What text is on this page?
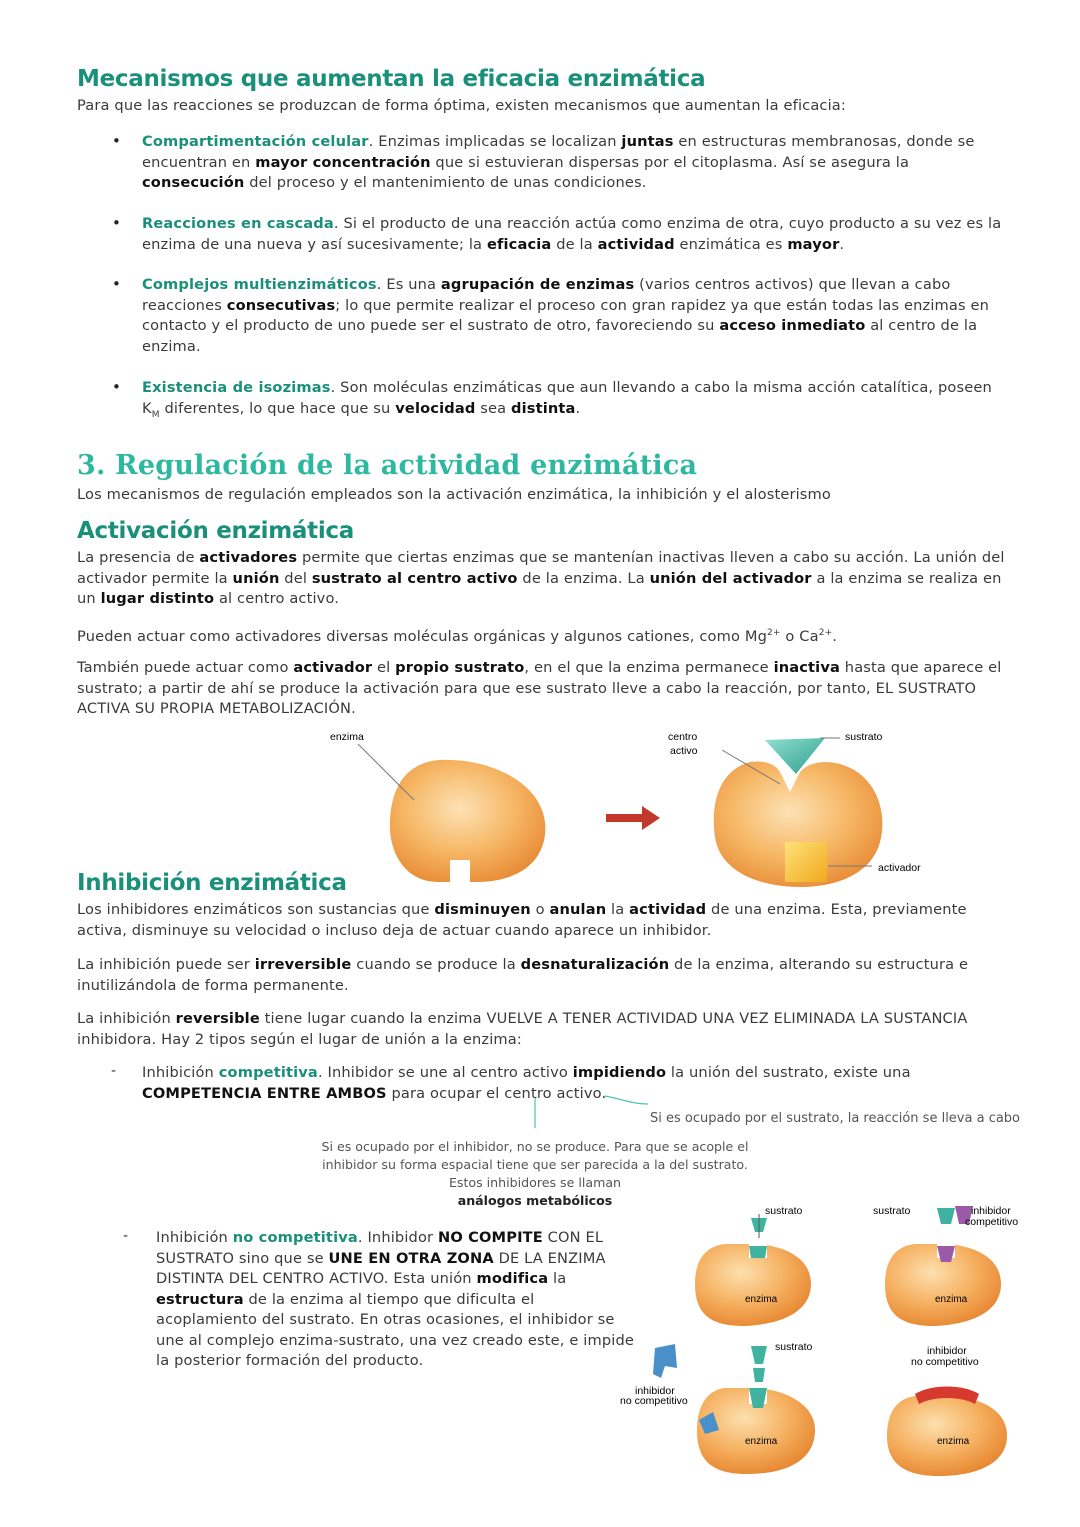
Mecanismos que aumentan la eficacia enzimática

Para que las reacciones se produzcan de forma óptima, existen mecanismos que aumentan la eficacia:

• Compartimentación celular. Enzimas implicadas se localizan juntas en estructuras membranosas, donde se encuentran en mayor concentración que si estuvieran dispersas por el citoplasma. Así se asegura la consecución del proceso y el mantenimiento de unas condiciones.

• Reacciones en cascada. Si el producto de una reacción actúa como enzima de otra, cuyo producto a su vez es la enzima de una nueva y así sucesivamente; la eficacia de la actividad enzimática es mayor.

• Complejos multienzimáticos. Es una agrupación de enzimas (varios centros activos) que llevan a cabo reacciones consecutivas; lo que permite realizar el proceso con gran rapidez ya que están todas las enzimas en contacto y el producto de uno puede ser el sustrato de otro, favoreciendo su acceso inmediato al centro de la enzima.

• Existencia de isozimas. Son moléculas enzimáticas que aun llevando a cabo la misma acción catalítica, poseen $K_M$ diferentes, lo que hace que su velocidad sea distinta.

3. Regulación de la actividad enzimática

Los mecanismos de regulación empleados son la activación enzimática, la inhibición y el alosterismo

Activación enzimática

La presencia de activadores permite que ciertas enzimas que se mantenían inactivas lleven a cabo su acción. La unión del activador permite la unión del sustrato al centro activo de la enzima. La unión del activador a la enzima se realiza en un lugar distinto al centro activo.

Pueden actuar como activadores diversas moléculas orgánicas y algunos cationes, como $Mg^{2+}$ o $Ca^{2+}$.

También puede actuar como activador el propio sustrato, en el que la enzima permanece inactiva hasta que aparece el sustrato; a partir de ahí se produce la activación para que ese sustrato lleve a cabo la reacción, por tanto, EL SUSTRATO ACTIVA SU PROPIA METABOLIZACIÓN.

enzima	centro
activo
sustrato
activador
Inhibición enzimática

Los inhibidores enzimáticos son sustancias que disminuyen o anulan la actividad de una enzima. Esta, previamente activa, disminuye su velocidad o incluso deja de actuar cuando aparece un inhibidor.

La inhibición puede ser irreversible cuando se produce la desnaturalización de la enzima, alterando su estructura e inutilizándola de forma permanente.

La inhibición reversible tiene lugar cuando la enzima VUELVE A TENER ACTIVIDAD UNA VEZ ELIMINADA LA SUSTANCIA inhibidora. Hay 2 tipos según el lugar de unión a la enzima:

- Inhibición competitiva. Inhibidor se une al centro activo impidiendo la unión del sustrato, existe una COMPETENCIA ENTRE AMBOS para ocupar el centro activo.

Si es ocupado por el sustrato, la reacción se lleva a cabo

Si es ocupado por el inhibidor, no se produce. Para que se acople el inhibidor su forma espacial tiene que ser parecida a la del sustrato. Estos inhibidores se llaman

análogos metabólicos

- Inhibición no competitiva. Inhibidor NO COMPITE CON EL SUSTRATO sino que se UNE EN OTRA ZONA DE LA ENZIMA DISTINTA DEL CENTRO ACTIVO. Esta unión modifica la estructura de la enzima al tiempo que dificulta el acoplamiento del sustrato. En otras ocasiones, el inhibidor se une al complejo enzima-sustrato, una vez creado este, e impide la posterior formación del producto.

sustrato
enzima
sustrato	inhibidor
competitivo
enzima
sustrato
inhibidor
no competitivo
enzima
inhibidor
no competitivo
enzima
